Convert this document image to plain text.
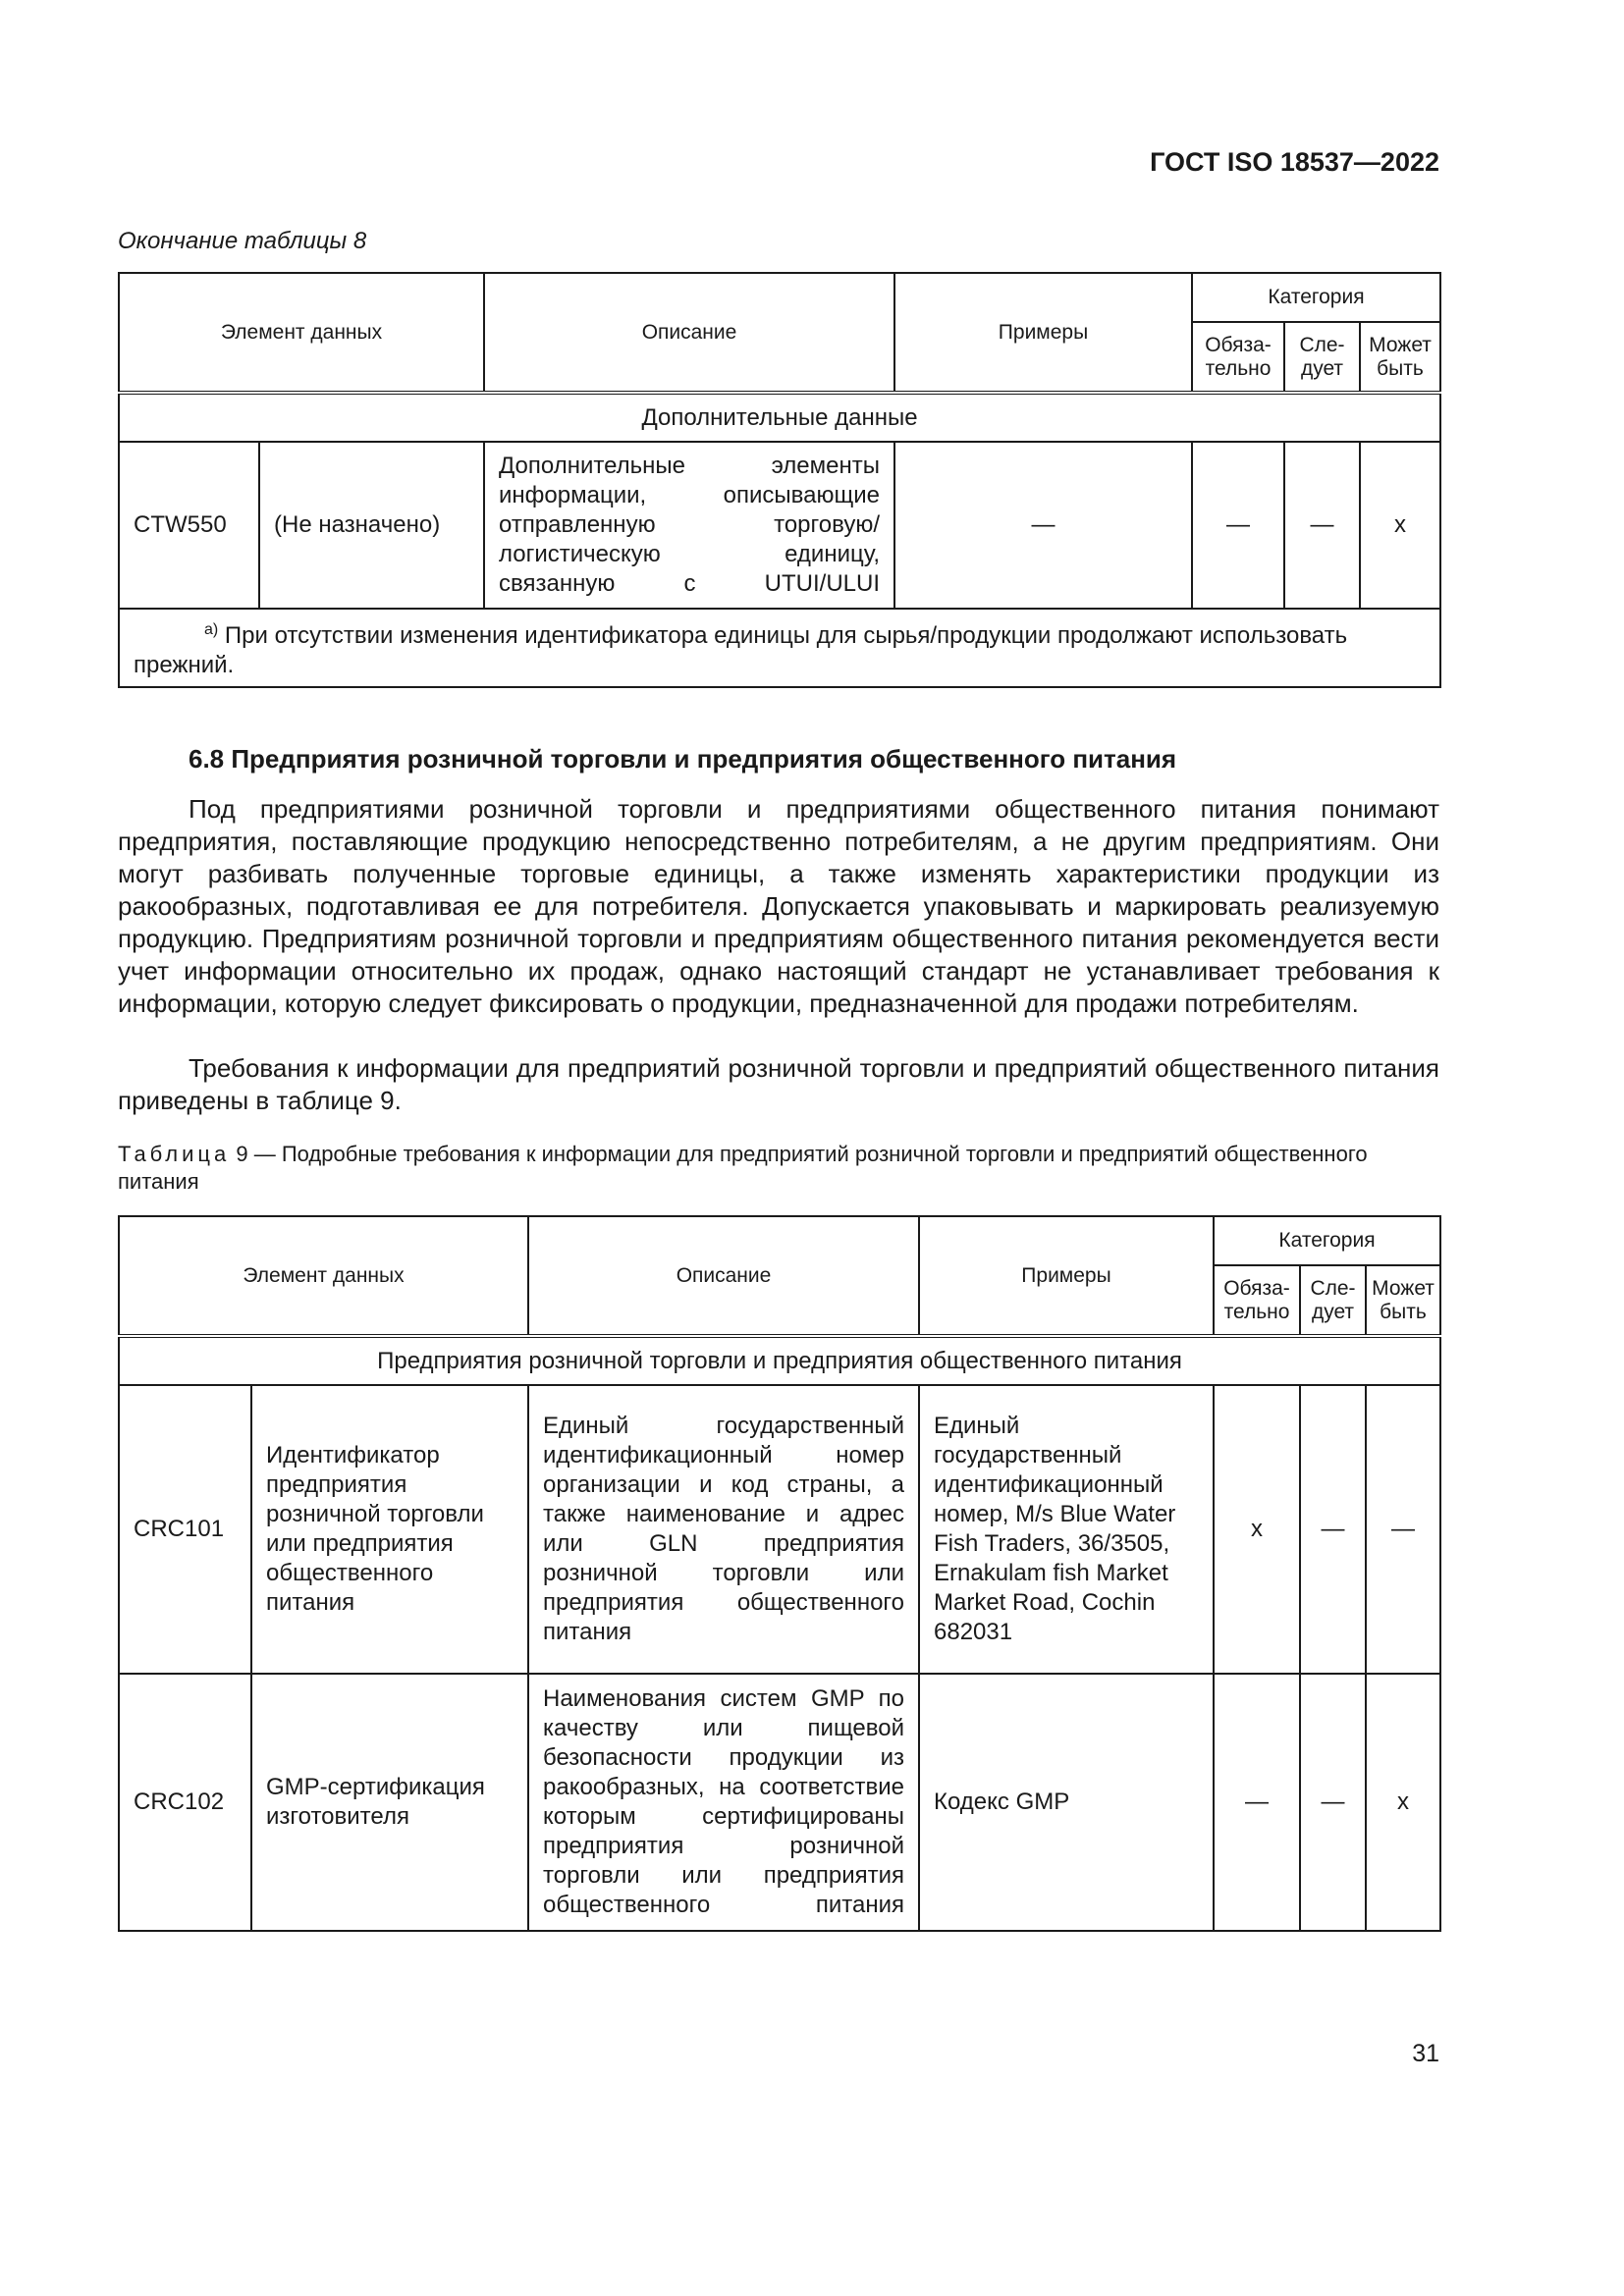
ГОСТ ISO 18537—2022
Окончание таблицы 8
Элемент данных		Описание	Примеры	Категория		
				Обяза-тельно	Сле-дует	Может быть
Дополнительные данные						
CTW550	(Не назначено)	Дополнительные элементы информации, описывающие отправленную торговую/логистическую единицу, связанную с UTUI/ULUI	—	—	—	x
$^{а)}$ При отсутствии изменения идентификатора единицы для сырья/продукции продолжают использовать прежний.						
6.8 Предприятия розничной торговли и предприятия общественного питания
Под предприятиями розничной торговли и предприятиями общественного питания понимают предприятия, поставляющие продукцию непосредственно потребителям, а не другим предприятиям. Они могут разбивать полученные торговые единицы, а также изменять характеристики продукции из ракообразных, подготавливая ее для потребителя. Допускается упаковывать и маркировать реализуемую продукцию. Предприятиям розничной торговли и предприятиям общественного питания рекомендуется вести учет информации относительно их продаж, однако настоящий стандарт не устанавливает требования к информации, которую следует фиксировать о продукции, предназначенной для продажи потребителям.
Требования к информации для предприятий розничной торговли и предприятий общественного питания приведены в таблице 9.
Таблица 9 — Подробные требования к информации для предприятий розничной торговли и предприятий общественного питания
Элемент данных		Описание	Примеры	Категория		
				Обяза-тельно	Сле-дует	Может быть
Предприятия розничной торговли и предприятия общественного питания						
CRC101	Идентификатор предприятия розничной торговли или предприятия общественного питания	Единый государственный идентификационный номер организации и код страны, а также наименование и адрес или GLN предприятия розничной торговли или предприятия общественного питания	Единый государственный идентификационный номер, M/s Blue Water Fish Traders, 36/3505, Ernakulam fish Market Market Road, Cochin 682031	x	—	—
CRC102	GMP-сертификация изготовителя	Наименования систем GMP по качеству или пищевой безопасности продукции из ракообразных, на соответствие которым сертифицированы предприятия розничной торговли или предприятия общественного питания	Кодекс GMP	—	—	x
31
